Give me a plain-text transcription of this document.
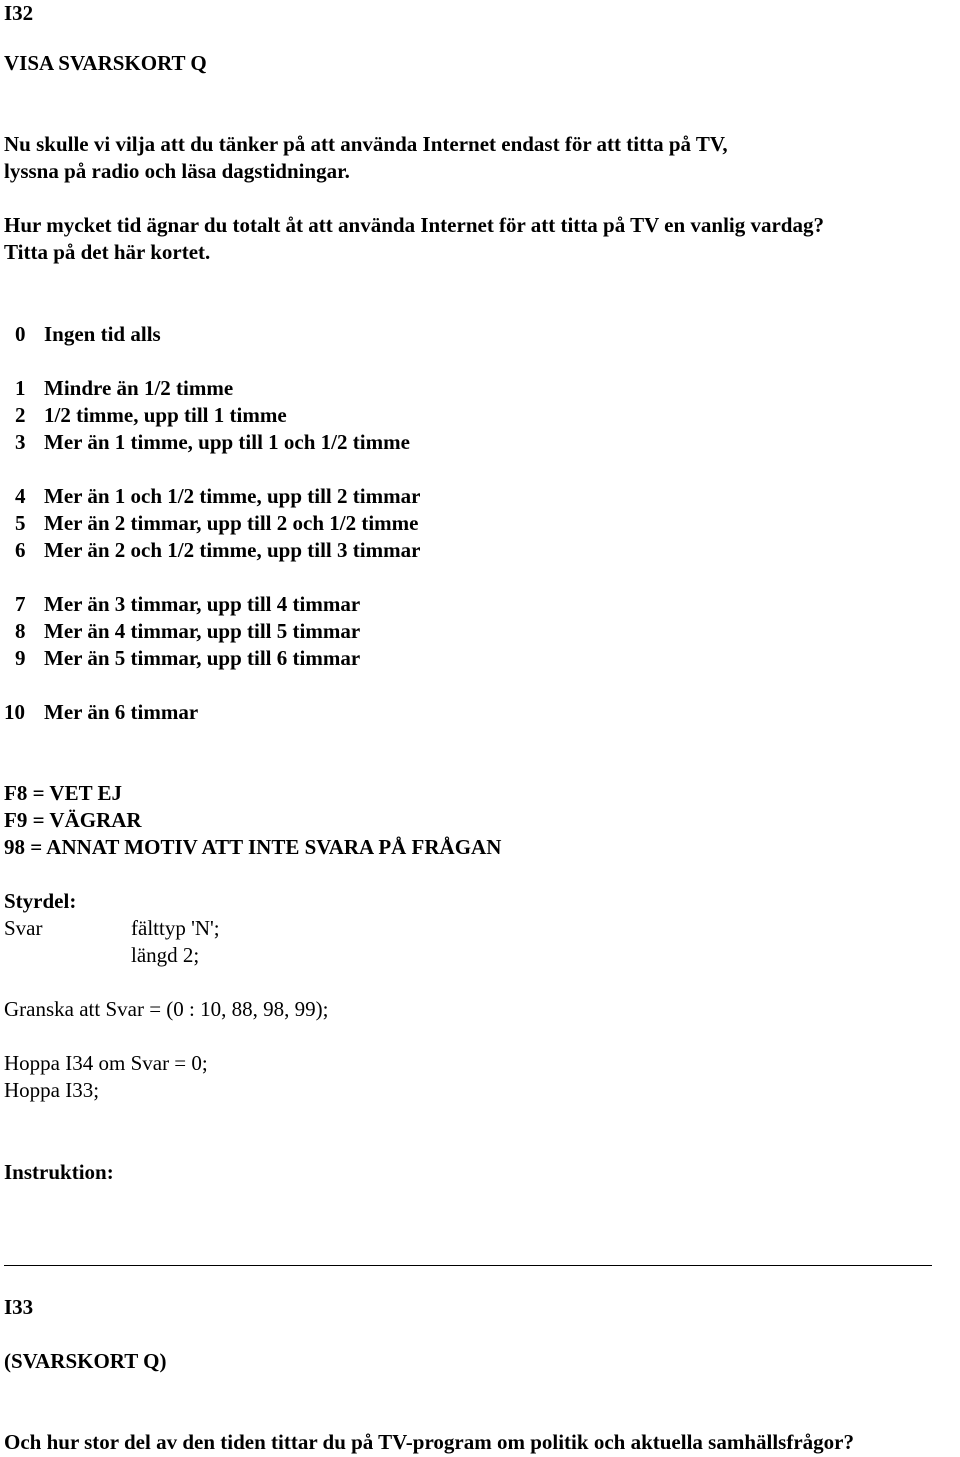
I32
VISA SVARSKORT Q
Nu skulle vi vilja att du tänker på att använda Internet endast för att titta på TV,
lyssna på radio och läsa dagstidningar.
Hur mycket tid ägnar du totalt åt att använda Internet för att titta på TV en vanlig vardag?
Titta på det här kortet.
0 Ingen tid alls
1 Mindre än 1/2 timme
2 1/2 timme, upp till 1 timme
3 Mer än 1 timme, upp till 1 och 1/2 timme
4 Mer än 1 och 1/2 timme, upp till 2 timmar
5 Mer än 2 timmar, upp till 2 och 1/2 timme
6 Mer än 2 och 1/2 timme, upp till 3 timmar
7 Mer än 3 timmar, upp till 4 timmar
8 Mer än 4 timmar, upp till 5 timmar
9 Mer än 5 timmar, upp till 6 timmar
10 Mer än 6 timmar
F8 = VET EJ
F9 = VÄGRAR
98 = ANNAT MOTIV ATT INTE SVARA PÅ FRÅGAN
Styrdel:
Svar	fälttyp 'N';
längd 2;
Granska att Svar = (0 : 10, 88, 98, 99);
Hoppa I34 om Svar = 0;
Hoppa I33;
Instruktion:
I33
(SVARSKORT Q)
Och hur stor del av den tiden tittar du på TV-program om politik och aktuella samhällsfrågor?
